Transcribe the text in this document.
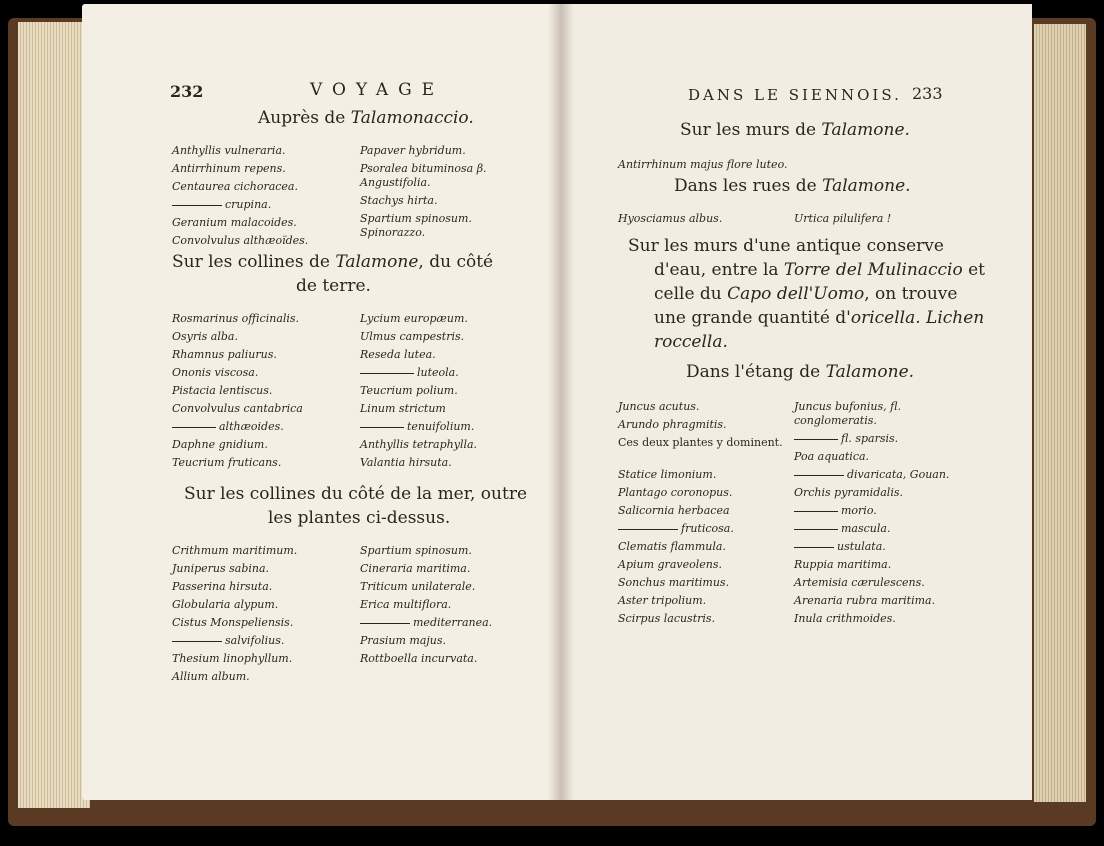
232	VOYAGE
Auprès de Talamonaccio.
Anthyllis vulneraria.
Antirrhinum repens.
Centaurea cichoracea.
crupina.
Geranium malacoides.
Convolvulus althæoïdes.
Papaver hybridum.
Psoralea bituminosa β. Angustifolia.
Stachys hirta.
Spartium spinosum. Spinorazzo.
Sur les collines de Talamone, du côté
de terre.
Rosmarinus officinalis.
Osyris alba.
Rhamnus paliurus.
Ononis viscosa.
Pistacia lentiscus.
Convolvulus cantabrica
althæoides.
Daphne gnidium.
Teucrium fruticans.
Lycium europæum.
Ulmus campestris.
Reseda lutea.
luteola.
Teucrium polium.
Linum strictum
tenuifolium.
Anthyllis tetraphylla.
Valantia hirsuta.
Sur les collines du côté de la mer, outre
les plantes ci-dessus.
Crithmum maritimum.
Juniperus sabina.
Passerina hirsuta.
Globularia alypum.
Cistus Monspeliensis.
salvifolius.
Thesium linophyllum.
Allium album.
Spartium spinosum.
Cineraria maritima.
Triticum unilaterale.
Erica multiflora.
mediterranea.
Prasium majus.
Rottboella incurvata.
DANS LE SIENNOIS. 233
Sur les murs de Talamone.
Antirrhinum majus flore luteo.
Dans les rues de Talamone.
Hyosciamus albus.	Urtica pilulifera !
Sur les murs d'une antique conserve
d'eau, entre la Torre del Mulinaccio et
celle du Capo dell'Uomo, on trouve
une grande quantité d'oricella. Lichen
roccella.
Dans l'étang de Talamone.
Juncus acutus.
Arundo phragmitis.
Ces deux plantes y dominent.
Statice limonium.
Plantago coronopus.
Salicornia herbacea
fruticosa.
Clematis flammula.
Apium graveolens.
Sonchus maritimus.
Aster tripolium.
Scirpus lacustris.
Juncus bufonius, fl. conglomeratis.
fl. sparsis.
Poa aquatica.
divaricata, Gouan.
Orchis pyramidalis.
morio.
mascula.
ustulata.
Ruppia maritima.
Artemisia cærulescens.
Arenaria rubra maritima.
Inula crithmoides.
